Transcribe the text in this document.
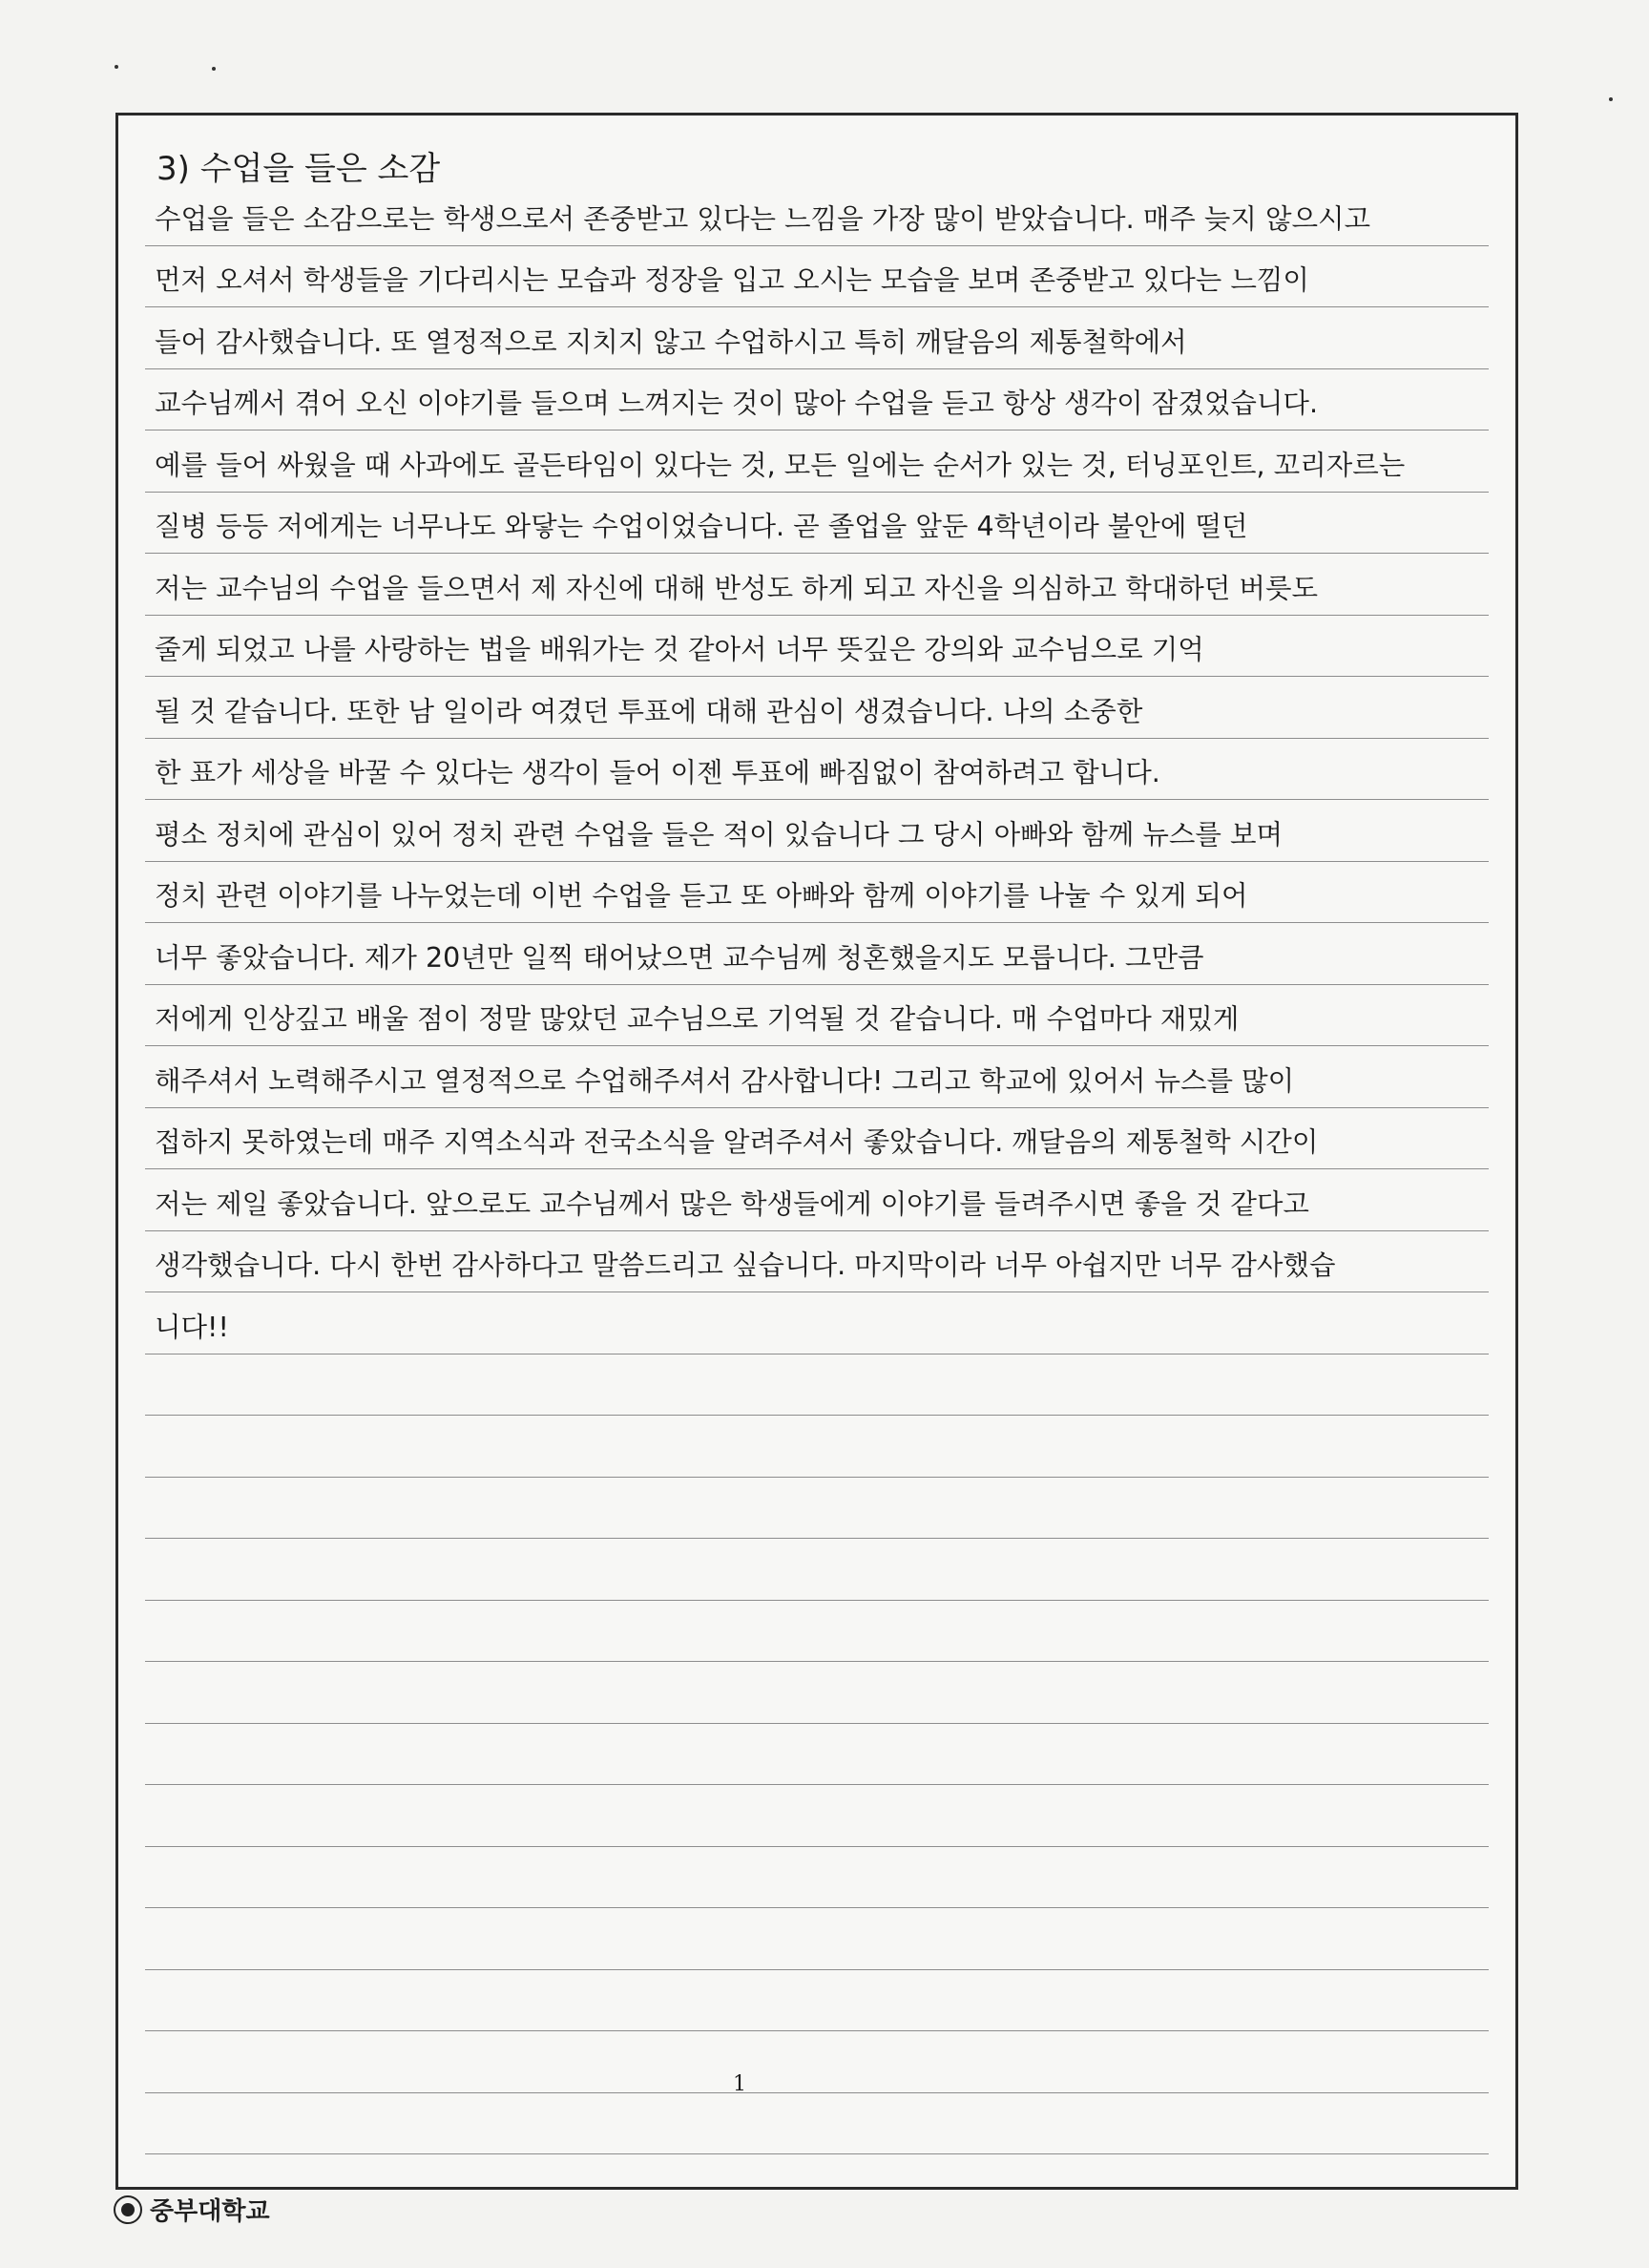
3) 수업을 들은 소감
수업을 들은 소감으로는 학생으로서 존중받고 있다는 느낌을 가장 많이 받았습니다. 매주 늦지 않으시고
먼저 오셔서 학생들을 기다리시는 모습과 정장을 입고 오시는 모습을 보며 존중받고 있다는 느낌이
들어 감사했습니다. 또 열정적으로 지치지 않고 수업하시고 특히 깨달음의 제통철학에서
교수님께서 겪어 오신 이야기를 들으며 느껴지는 것이 많아 수업을 듣고 항상 생각이 잠겼었습니다.
예를 들어 싸웠을 때 사과에도 골든타임이 있다는 것, 모든 일에는 순서가 있는 것, 터닝포인트, 꼬리자르는
질병 등등 저에게는 너무나도 와닿는 수업이었습니다. 곧 졸업을 앞둔 4학년이라 불안에 떨던
저는 교수님의 수업을 들으면서 제 자신에 대해 반성도 하게 되고 자신을 의심하고 학대하던 버릇도
줄게 되었고 나를 사랑하는 법을 배워가는 것 같아서 너무 뜻깊은 강의와 교수님으로 기억
될 것 같습니다. 또한 남 일이라 여겼던 투표에 대해 관심이 생겼습니다. 나의 소중한
한 표가 세상을 바꿀 수 있다는 생각이 들어 이젠 투표에 빠짐없이 참여하려고 합니다.
평소 정치에 관심이 있어 정치 관련 수업을 들은 적이 있습니다 그 당시 아빠와 함께 뉴스를 보며
정치 관련 이야기를 나누었는데 이번 수업을 듣고 또 아빠와 함께 이야기를 나눌 수 있게 되어
너무 좋았습니다. 제가 20년만 일찍 태어났으면 교수님께 청혼했을지도 모릅니다. 그만큼
저에게 인상깊고 배울 점이 정말 많았던 교수님으로 기억될 것 같습니다. 매 수업마다 재밌게
해주셔서 노력해주시고 열정적으로 수업해주셔서 감사합니다! 그리고 학교에 있어서 뉴스를 많이
접하지 못하였는데 매주 지역소식과 전국소식을 알려주셔서 좋았습니다. 깨달음의 제통철학 시간이
저는 제일 좋았습니다. 앞으로도 교수님께서 많은 학생들에게 이야기를 들려주시면 좋을 것 같다고
생각했습니다. 다시 한번 감사하다고 말씀드리고 싶습니다. 마지막이라 너무 아쉽지만 너무 감사했습
니다!!
1
중부대학교
